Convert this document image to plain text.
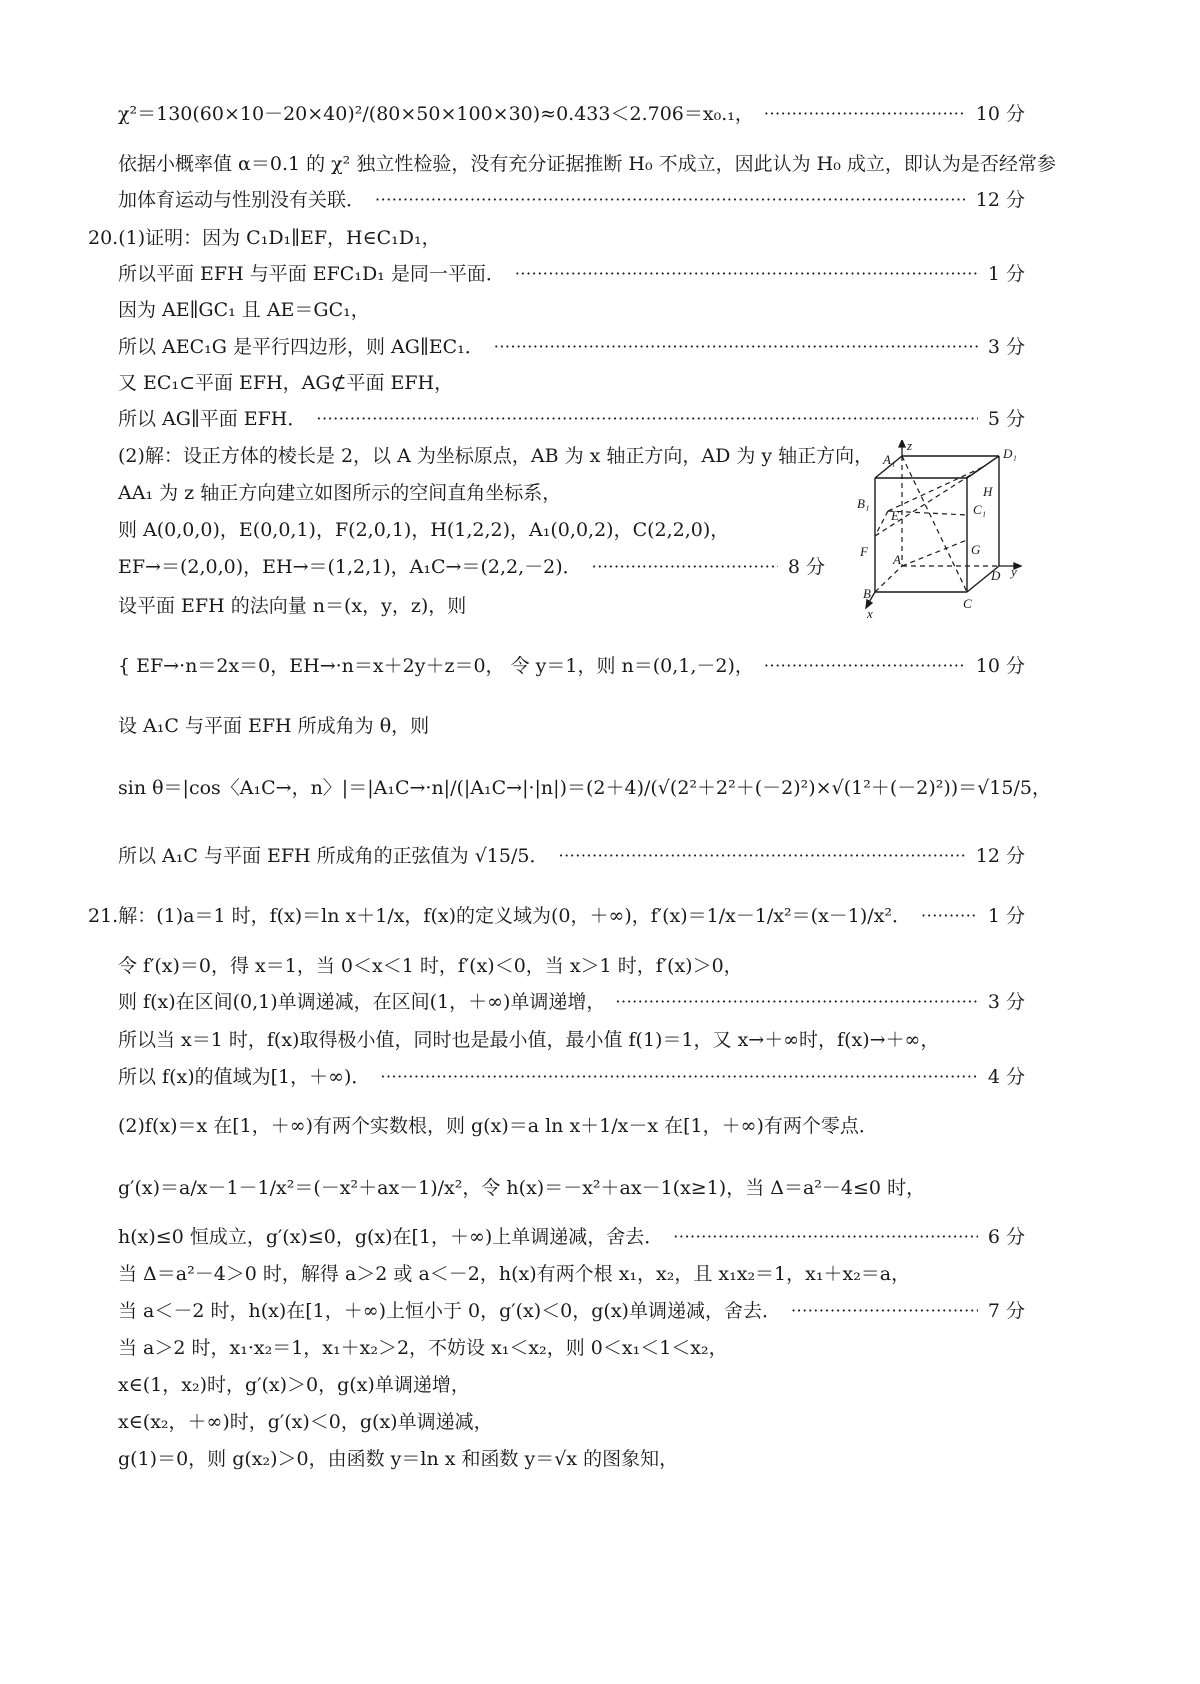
χ²＝130(60×10－20×40)²/(80×50×100×30)≈0.433＜2.706＝x₀.₁， ·····	10 分
依据小概率值 α＝0.1 的 χ² 独立性检验，没有充分证据推断 H₀ 不成立，因此认为 H₀ 成立，即认为是否经常参
加体育运动与性别没有关联． ·····	12 分
20.(1)证明：因为 C₁D₁∥EF，H∈C₁D₁，
所以平面 EFH 与平面 EFC₁D₁ 是同一平面． ·····	1 分
因为 AE∥GC₁ 且 AE＝GC₁，
所以 AEC₁G 是平行四边形，则 AG∥EC₁． ·····	3 分
又 EC₁⊂平面 EFH，AG⊄平面 EFH，
所以 AG∥平面 EFH． ·····	5 分
(2)解：设正方体的棱长是 2，以 A 为坐标原点，AB 为 x 轴正方向，AD 为 y 轴正方向，
AA₁ 为 z 轴正方向建立如图所示的空间直角坐标系，
则 A(0,0,0)，E(0,0,1)，F(2,0,1)，H(1,2,2)，A₁(0,0,2)，C(2,2,0)，
EF→＝(2,0,0)，EH→＝(1,2,1)，A₁C→＝(2,2,－2)． ·····	8 分
设平面 EFH 的法向量 n＝(x，y，z)，则
{ EF→·n＝2x＝0，EH→·n＝x＋2y＋z＝0， 令 y＝1，则 n＝(0,1,－2)， ·····	10 分
设 A₁C 与平面 EFH 所成角为 θ，则
sin θ＝|cos〈A₁C→，n〉|＝|A₁C→·n|/(|A₁C→|·|n|)＝(2＋4)/(√(2²＋2²＋(－2)²)×√(1²＋(－2)²))＝√15/5，
所以 A₁C 与平面 EFH 所成角的正弦值为 √15/5． ·····	12 分
21.解：(1)a＝1 时，f(x)＝ln x＋1/x，f(x)的定义域为(0，＋∞)，f′(x)＝1/x－1/x²＝(x－1)/x²． ·····	1 分
令 f′(x)＝0，得 x＝1，当 0＜x＜1 时，f′(x)＜0，当 x＞1 时，f′(x)＞0，
则 f(x)在区间(0,1)单调递减，在区间(1，＋∞)单调递增， ·····	3 分
所以当 x＝1 时，f(x)取得极小值，同时也是最小值，最小值 f(1)＝1，又 x→＋∞时，f(x)→＋∞，
所以 f(x)的值域为[1，＋∞)． ·····	4 分
(2)f(x)＝x 在[1，＋∞)有两个实数根，则 g(x)＝a ln x＋1/x－x 在[1，＋∞)有两个零点．
g′(x)＝a/x－1－1/x²＝(－x²＋ax－1)/x²，令 h(x)＝－x²＋ax－1(x≥1)，当 Δ＝a²－4≤0 时，
h(x)≤0 恒成立，g′(x)≤0，g(x)在[1，＋∞)上单调递减，舍去． ·····	6 分
当 Δ＝a²－4＞0 时，解得 a＞2 或 a＜－2，h(x)有两个根 x₁，x₂，且 x₁x₂＝1，x₁＋x₂＝a，
当 a＜－2 时，h(x)在[1，＋∞)上恒小于 0，g′(x)＜0，g(x)单调递减，舍去． ·····	7 分
当 a＞2 时，x₁·x₂＝1，x₁＋x₂＞2，不妨设 x₁＜x₂，则 0＜x₁＜1＜x₂，
x∈(1，x₂)时，g′(x)＞0，g(x)单调递增，
x∈(x₂，＋∞)时，g′(x)＜0，g(x)单调递减，
g(1)＝0，则 g(x₂)＞0，由函数 y＝ln x 和函数 y＝√x 的图象知，
z
A₁	D₁
H
B₁	C₁
E
F
A
G
D y
B
C
x
